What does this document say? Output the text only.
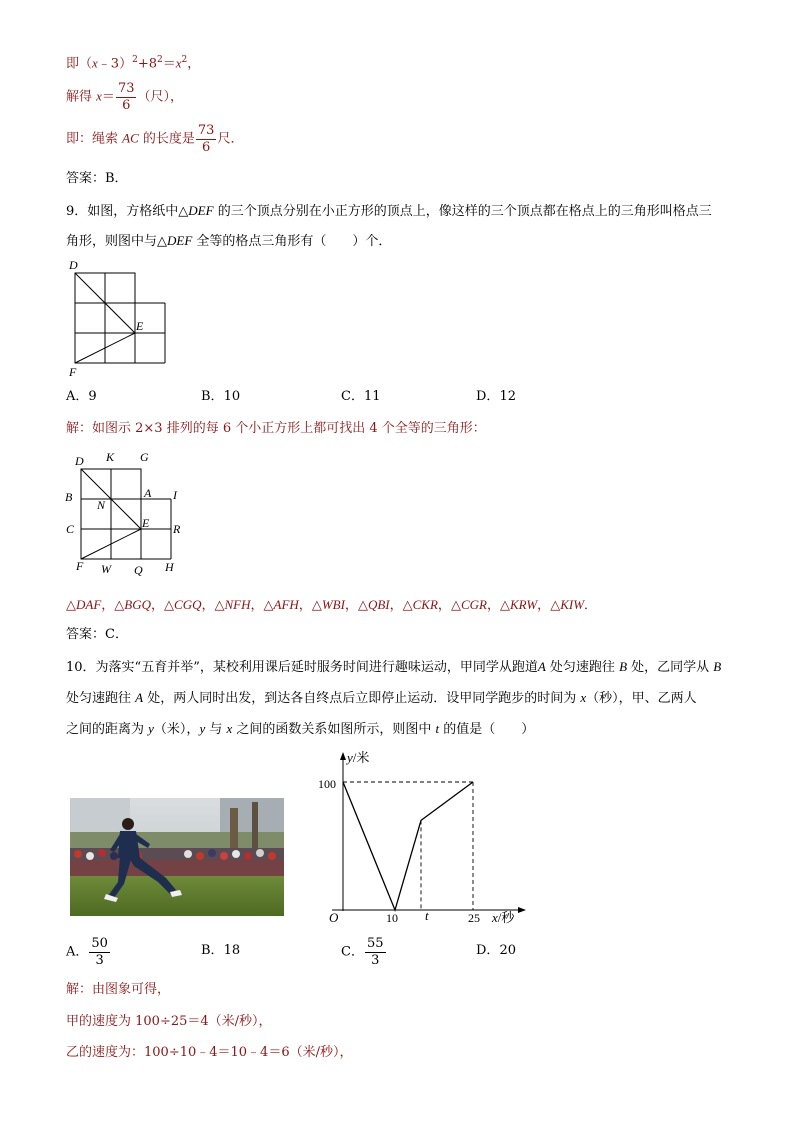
即$(x﹣3)^2+8^2=x^2$，
解得 $x= \frac{73}{6}$ （尺），
即：绳索 AC 的长度是 $\frac{73}{6}$ 尺．
答案：B．
9．如图，方格纸中△DEF 的三个顶点分别在小正方形的顶点上，像这样的三个顶点都在格点上的三角形叫格点三
角形，则图中与△DEF 全等的格点三角形有（　　）个．
D
E
F
A．9	B．10	C．11	D．12
解：如图示 2×3 排列的每 6 个小正方形上都可找出 4 个全等的三角形：
D K G
B	A I
N
C	E R
F W Q H
△DAF，△BGQ，△CGQ，△NFH，△AFH，△WBI，△QBI，△CKR，△CGR，△KRW，△KIW．
答案：C．
10．为落实“五育并举”，某校利用课后延时服务时间进行趣味运动，甲同学从跑道A 处匀速跑往 B 处，乙同学从 B
处匀速跑往 A 处，两人同时出发，到达各自终点后立即停止运动．设甲同学跑步的时间为 x（秒），甲、乙两人
之间的距离为 y（米），y 与 x 之间的函数关系如图所示，则图中 t 的值是（　　）
y/米
x/秒
O
100
10 t	25
A． $\frac{50}{3}$	B．18	C． $\frac{55}{3}$	D．20
解：由图象可得，
甲的速度为 100÷25＝4（米/秒），
乙的速度为：100÷10﹣4＝10﹣4＝6（米/秒），
